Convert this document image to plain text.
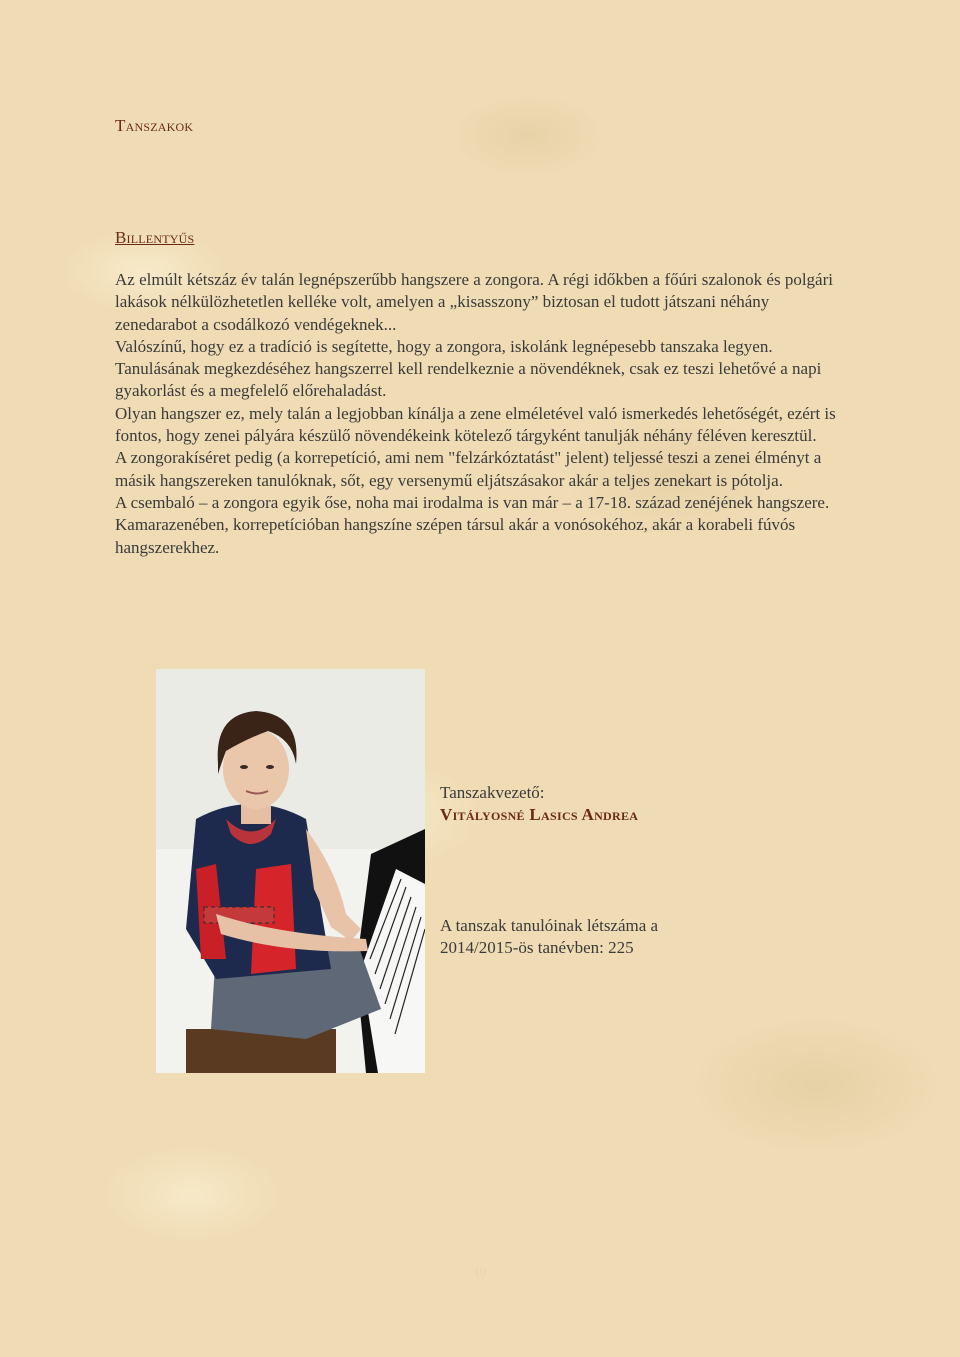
Tanszakok
Billentyűs

Az elmúlt kétszáz év talán legnépszerűbb hangszere a zongora. A régi időkben a főúri szalonok és polgári lakások nélkülözhetetlen kelléke volt, amelyen a „kisasszony” biztosan el tudott játszani néhány zenedarabot a csodálkozó vendégeknek...

Valószínű, hogy ez a tradíció is segítette, hogy a zongora, iskolánk legnépesebb tanszaka legyen. Tanulásának megkezdéséhez hangszerrel kell rendelkeznie a növendéknek, csak ez teszi lehetővé a napi gyakorlást és a megfelelő előrehaladást.

Olyan hangszer ez, mely talán a legjobban kínálja a zene elméletével való ismerkedés lehetőségét, ezért is fontos, hogy zenei pályára készülő növendékeink kötelező tárgyként tanulják néhány féléven keresztül.

A zongorakíséret pedig (a korrepetíció, ami nem "felzárkóztatást" jelent) teljessé teszi a zenei élményt a másik hangszereken tanulóknak, sőt, egy versenymű eljátszásakor akár a teljes zenekart is pótolja.

A csembaló – a zongora egyik őse, noha mai irodalma is van már – a 17-18. század zenéjének hangszere. Kamarazenében, korrepetícióban hangszíne szépen társul akár a vonósokéhoz, akár a korabeli fúvós hangszerekhez.

Tanszakvezető:
Vitályosné Lasics Andrea
A tanszak tanulóinak létszáma a 2014/2015-ös tanévben: 225
10
